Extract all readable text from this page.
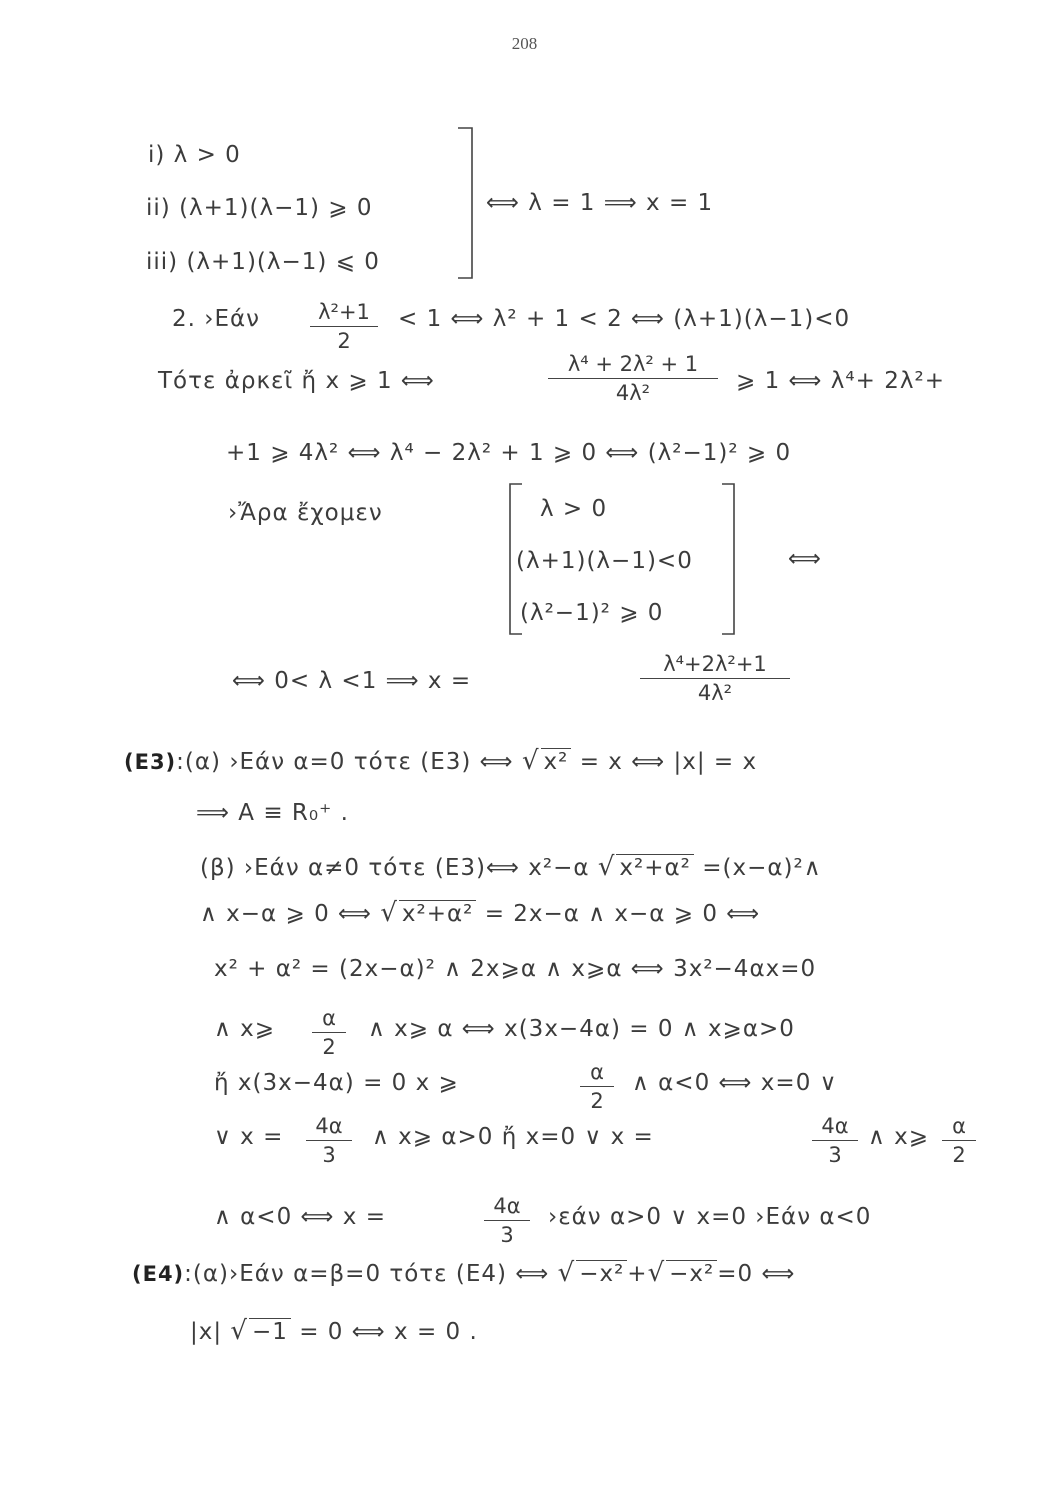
208
i) λ > 0
ii) (λ+1)(λ−1) ⩾ 0
iii) (λ+1)(λ−1) ⩽ 0
⟺ λ = 1 ⟹ x = 1
2. ›Εάν $\frac{\text{λ²+1}}{2} < 1$ ⟺ λ² + 1 < 2 ⟺ (λ+1)(λ−1)<0
Τότε ἀρκεῖ ἤ x ⩾ 1 ⟺	$\frac{\text{λ⁴ + 2λ² + 1}}{\text{4λ²}}$ ⩾ 1 ⟺ λ⁴+ 2λ²+
+1 ⩾ 4λ² ⟺ λ⁴ − 2λ² + 1 ⩾ 0 ⟺ (λ²−1)² ⩾ 0
›Ἄρα ἔχομεν	λ > 0
(λ+1)(λ−1)<0
(λ²−1)² ⩾ 0
⟺
⟺ 0< λ <1 ⟹ x =	$\frac{\text{λ⁴+2λ²+1}}{\text{4λ²}}$
(E3):(α) ›Εάν α=0 τότε (E3) ⟺ √ x² = x ⟺ |x| = x
⟹ A ≡ R₀⁺ .
(β) ›Εάν α≠0 τότε (E3)⟺ x²−α √ x²+α² =(x−α)²∧
∧ x−α ⩾ 0 ⟺ √ x²+α² = 2x−α ∧ x−α ⩾ 0 ⟺
x² + α² = (2x−α)² ∧ 2x⩾α ∧ x⩾α ⟺ 3x²−4αx=0
∧ x⩾ $\frac{\alpha}{2}$ ∧ x⩾ α ⟺ x(3x−4α) = 0 ∧ x⩾α>0
ἤ x(3x−4α) = 0 x ⩾	$\frac{\alpha}{2}$ ∧ α<0 ⟺ x=0 ∨
∨ $x = \frac{4\alpha}{3}$ ∧ x⩾ α>0 ἤ x=0 ∨ x =	$\frac{4\alpha}{3}$ ∧ x⩾ $\frac{\alpha}{2}$
∧ α<0 ⟺ x =	$\frac{4\alpha}{3}$ ›εάν α>0 ∨ x=0 ›Εάν α<0
(E4):(α)›Εάν α=β=0 τότε (E4) ⟺ √ −x² +√ −x² =0 ⟺
|x| √ −1 = 0 ⟺ x = 0 .
